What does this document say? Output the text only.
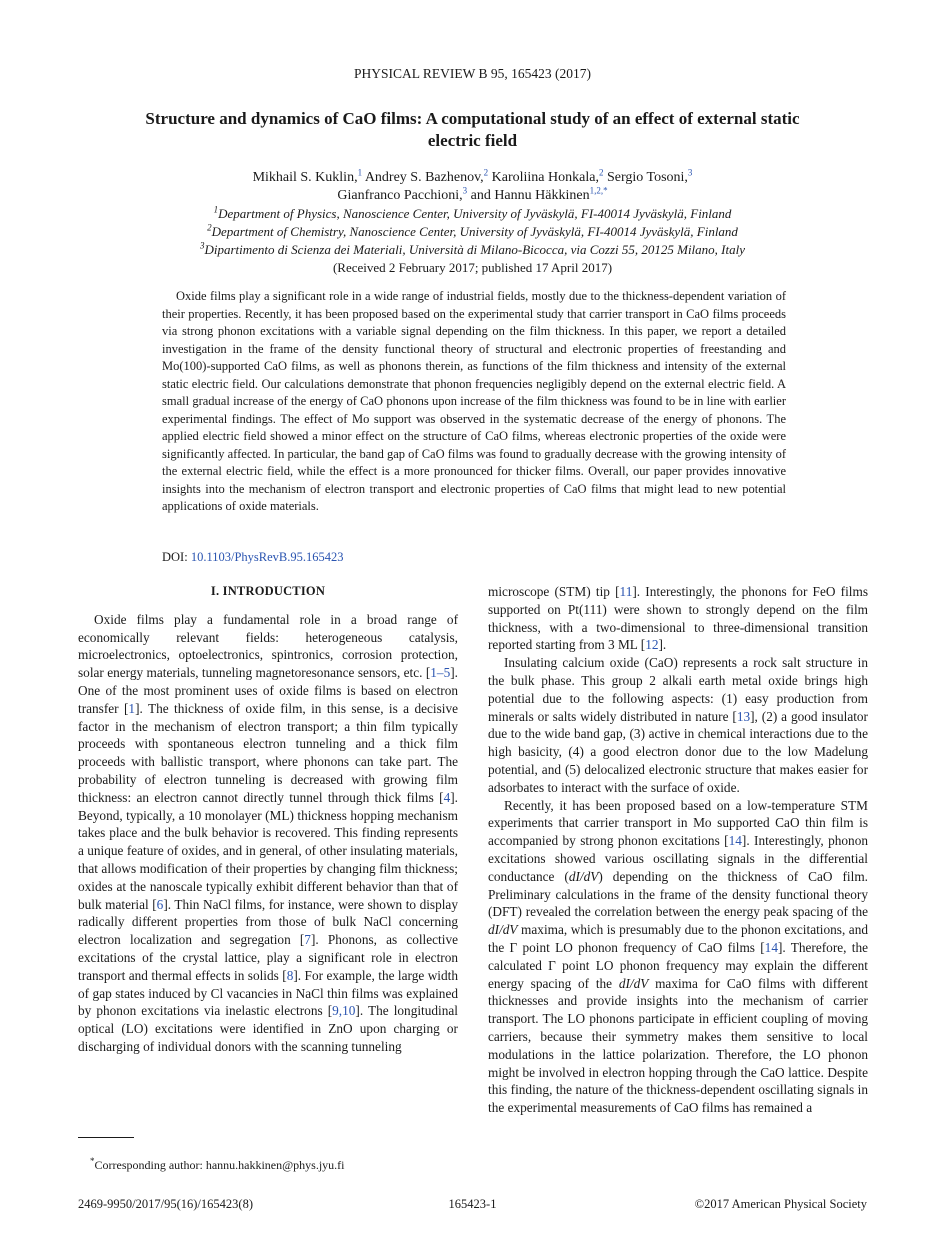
PHYSICAL REVIEW B 95, 165423 (2017)
Structure and dynamics of CaO films: A computational study of an effect of external static electric field
Mikhail S. Kuklin,$^1$ Andrey S. Bazhenov,$^2$ Karoliina Honkala,$^2$ Sergio Tosoni,$^3$
Gianfranco Pacchioni,$^3$ and Hannu Häkkinen$^{1,2,*}$
$^1$Department of Physics, Nanoscience Center, University of Jyväskylä, FI-40014 Jyväskylä, Finland
$^2$Department of Chemistry, Nanoscience Center, University of Jyväskylä, FI-40014 Jyväskylä, Finland
$^3$Dipartimento di Scienza dei Materiali, Università di Milano-Bicocca, via Cozzi 55, 20125 Milano, Italy
(Received 2 February 2017; published 17 April 2017)

Oxide films play a significant role in a wide range of industrial fields, mostly due to the thickness-dependent variation of their properties. Recently, it has been proposed based on the experimental study that carrier transport in CaO films proceeds via strong phonon excitations with a variable signal depending on the film thickness. In this paper, we report a detailed investigation in the frame of the density functional theory of structural and electronic properties of freestanding and Mo(100)-supported CaO films, as well as phonons therein, as functions of the film thickness and intensity of the external static electric field. Our calculations demonstrate that phonon frequencies negligibly depend on the external electric field. A small gradual increase of the energy of CaO phonons upon increase of the film thickness was found to be in line with earlier experimental findings. The effect of Mo support was observed in the systematic decrease of the energy of phonons. The applied electric field showed a minor effect on the structure of CaO films, whereas electronic properties of the oxide were significantly affected. In particular, the band gap of CaO films was found to gradually decrease with the growing intensity of the external electric field, while the effect is a more pronounced for thicker films. Overall, our paper provides innovative insights into the mechanism of electron transport and electronic properties of CaO films that might lead to new potential applications of oxide materials.

DOI: 10.1103/PhysRevB.95.165423
I. INTRODUCTION

Oxide films play a fundamental role in a broad range of economically relevant fields: heterogeneous catalysis, microelectronics, optoelectronics, spintronics, corrosion protection, solar energy materials, tunneling magnetoresonance sensors, etc. [1–5]. One of the most prominent uses of oxide films is based on electron transfer [1]. The thickness of oxide film, in this sense, is a decisive factor in the mechanism of electron transport; a thin film typically proceeds with spontaneous electron tunneling and a thick film proceeds with ballistic transport, where phonons can take part. The probability of electron tunneling is decreased with growing film thickness: an electron cannot directly tunnel through thick films [4]. Beyond, typically, a 10 monolayer (ML) thickness hopping mechanism takes place and the bulk behavior is recovered. This finding represents a unique feature of oxides, and in general, of other insulating materials, that allows modification of their properties by changing film thickness; oxides at the nanoscale typically exhibit different behavior than that of bulk material [6]. Thin NaCl films, for instance, were shown to display radically different properties from those of bulk NaCl concerning electron localization and segregation [7]. Phonons, as collective excitations of the crystal lattice, play a significant role in electron transport and thermal effects in solids [8]. For example, the large width of gap states induced by Cl vacancies in NaCl thin films was explained by phonon excitations via inelastic electrons [9,10]. The longitudinal optical (LO) excitations were identified in ZnO upon charging or discharging of individual donors with the scanning tunneling

microscope (STM) tip [11]. Interestingly, the phonons for FeO films supported on Pt(111) were shown to strongly depend on the film thickness, with a two-dimensional to three-dimensional transition reported starting from 3 ML [12].

Insulating calcium oxide (CaO) represents a rock salt structure in the bulk phase. This group 2 alkali earth metal oxide brings high potential due to the following aspects: (1) easy production from minerals or salts widely distributed in nature [13], (2) a good insulator due to the wide band gap, (3) active in chemical interactions due to the high basicity, (4) a good electron donor due to the low Madelung potential, and (5) delocalized electronic structure that makes easier for adsorbates to interact with the surface of oxide.

Recently, it has been proposed based on a low-temperature STM experiments that carrier transport in Mo supported CaO thin film is accompanied by strong phonon excitations [14]. Interestingly, phonon excitations showed various oscillating signals in the differential conductance (dI/dV) depending on the thickness of CaO film. Preliminary calculations in the frame of the density functional theory (DFT) revealed the correlation between the energy peak spacing of the dI/dV maxima, which is presumably due to the phonon excitations, and the Γ point LO phonon frequency of CaO films [14]. Therefore, the calculated Γ point LO phonon frequency may explain the different energy spacing of the dI/dV maxima for CaO films with different thicknesses and provide insights into the mechanism of carrier transport. The LO phonons participate in efficient coupling of moving carriers, because their symmetry makes them sensitive to local modulations in the lattice polarization. Therefore, the LO phonon might be involved in electron hopping through the CaO lattice. Despite this finding, the nature of the thickness-dependent oscillating signals in the experimental measurements of CaO films has remained a

*Corresponding author: hannu.hakkinen@phys.jyu.fi
2469-9950/2017/95(16)/165423(8)	165423-1	©2017 American Physical Society
